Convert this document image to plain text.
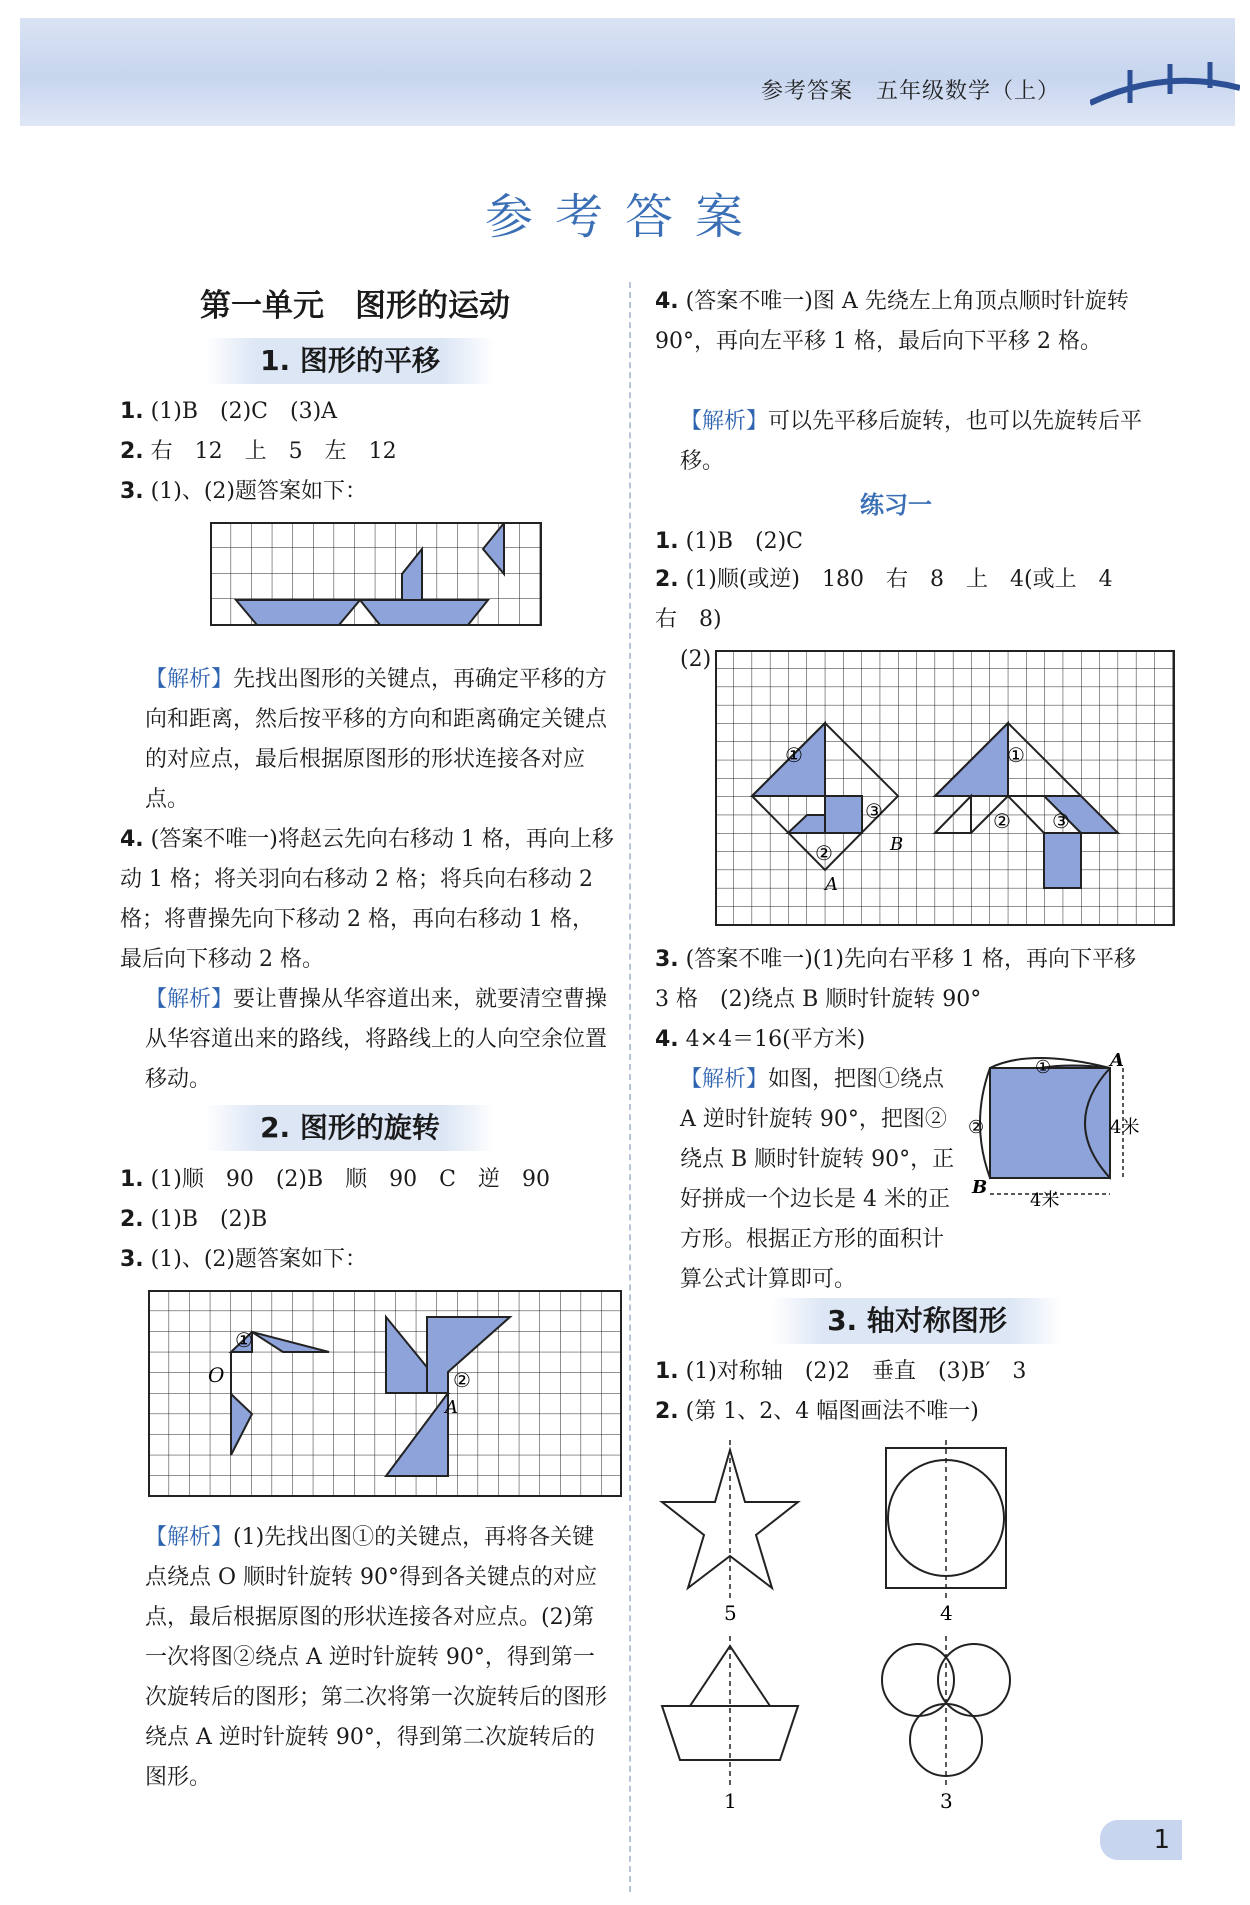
参考答案　五年级数学（上）
参考答案
第一单元　图形的运动
1. 图形的平移
1. (1)B　(2)C　(3)A
2. 右　12　上　5　左　12
3. (1)、(2)题答案如下：
【解析】先找出图形的关键点，再确定平移的方向和距离，然后按平移的方向和距离确定关键点的对应点，最后根据原图形的形状连接各对应点。
4. (答案不唯一)将赵云先向右移动 1 格，再向上移动 1 格；将关羽向右移动 2 格；将兵向右移动 2 格；将曹操先向下移动 2 格，再向右移动 1 格，最后向下移动 2 格。
【解析】要让曹操从华容道出来，就要清空曹操从华容道出来的路线，将路线上的人向空余位置移动。
2. 图形的旋转
1. (1)顺　90　(2)B　顺　90　C　逆　90
2. (1)B　(2)B
3. (1)、(2)题答案如下：
O
①
②
A
【解析】(1)先找出图①的关键点，再将各关键点绕点 O 顺时针旋转 90°得到各关键点的对应点，最后根据原图的形状连接各对应点。(2)第一次将图②绕点 A 逆时针旋转 90°，得到第一次旋转后的图形；第二次将第一次旋转后的图形绕点 A 逆时针旋转 90°，得到第二次旋转后的图形。
4. (答案不唯一)图 A 先绕左上角顶点顺时针旋转 90°，再向左平移 1 格，最后向下平移 2 格。
【解析】可以先平移后旋转，也可以先旋转后平移。
练习一
1. (1)B　(2)C
2. (1)顺(或逆)　180　右　8　上　4(或上　4　右　8)
(2)
①
②
③
B
A
①
② ③
3. (答案不唯一)(1)先向右平移 1 格，再向下平移 3 格　(2)绕点 B 顺时针旋转 90°
4. 4×4＝16(平方米)
【解析】如图，把图①绕点 A 逆时针旋转 90°，把图②绕点 B 顺时针旋转 90°，正好拼成一个边长是 4 米的正方形。根据正方形的面积计算公式计算即可。
①
②
A
B
4米
4米
3. 轴对称图形
1. (1)对称轴　(2)2　垂直　(3)B′　3
2. (第 1、2、4 幅图画法不唯一)
5	4
1	3
1
